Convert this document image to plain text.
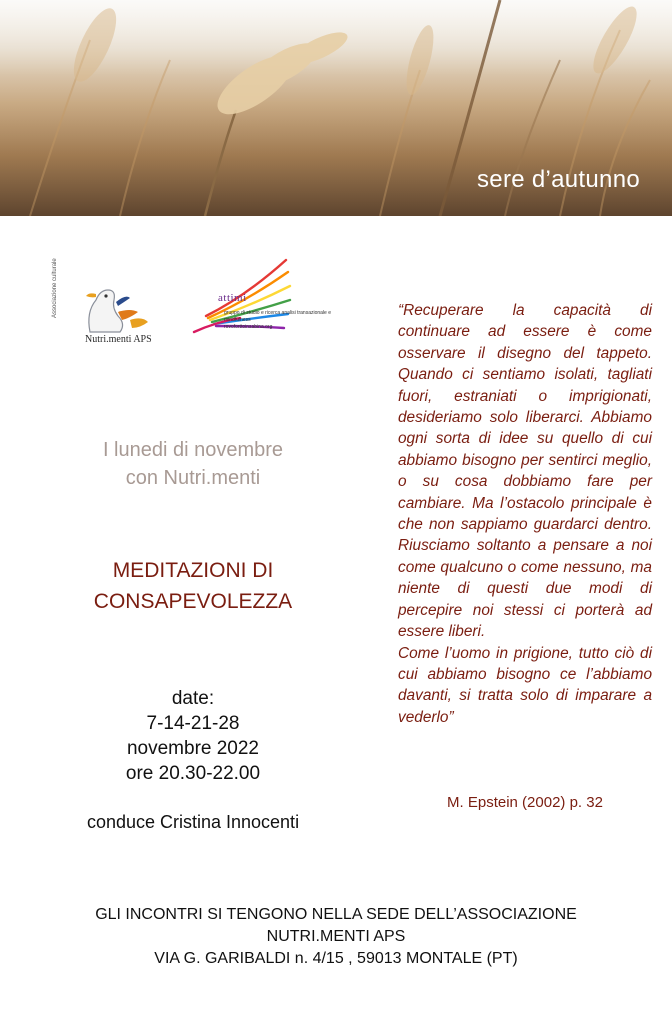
sere d’autunno
Associazione culturale
Nutri.menti APS
attimi
gruppo di studio e ricerca analisi transazionale e mindfulness
rovoforttoinsabina.org
I lunedi di novembre
con Nutri.menti
MEDITAZIONI DI
CONSAPEVOLEZZA
date:
7-14-21-28
novembre 2022
ore 20.30-22.00
conduce Cristina Innocenti

“Recuperare la capacità di continuare ad essere è come osservare il disegno del tappeto. Quando ci sentiamo isolati, tagliati fuori, estraniati o imprigionati, desideriamo solo liberarci. Abbiamo ogni sorta di idee su quello di cui abbiamo bisogno per sentirci meglio, o su cosa dobbiamo fare per cambiare. Ma l’ostacolo principale è che non sappiamo guardarci dentro. Riusciamo soltanto a pensare a noi come qualcuno o come nessuno, ma niente di questi due modi di percepire noi stessi ci porterà ad essere liberi.

Come l’uomo in prigione, tutto ciò di cui abbiamo bisogno ce l’abbiamo davanti, si tratta solo di imparare a vederlo”

M. Epstein (2002) p. 32
GLI INCONTRI SI TENGONO NELLA SEDE DELL’ASSOCIAZIONE
NUTRI.MENTI APS
VIA G. GARIBALDI n. 4/15 , 59013 MONTALE (PT)
